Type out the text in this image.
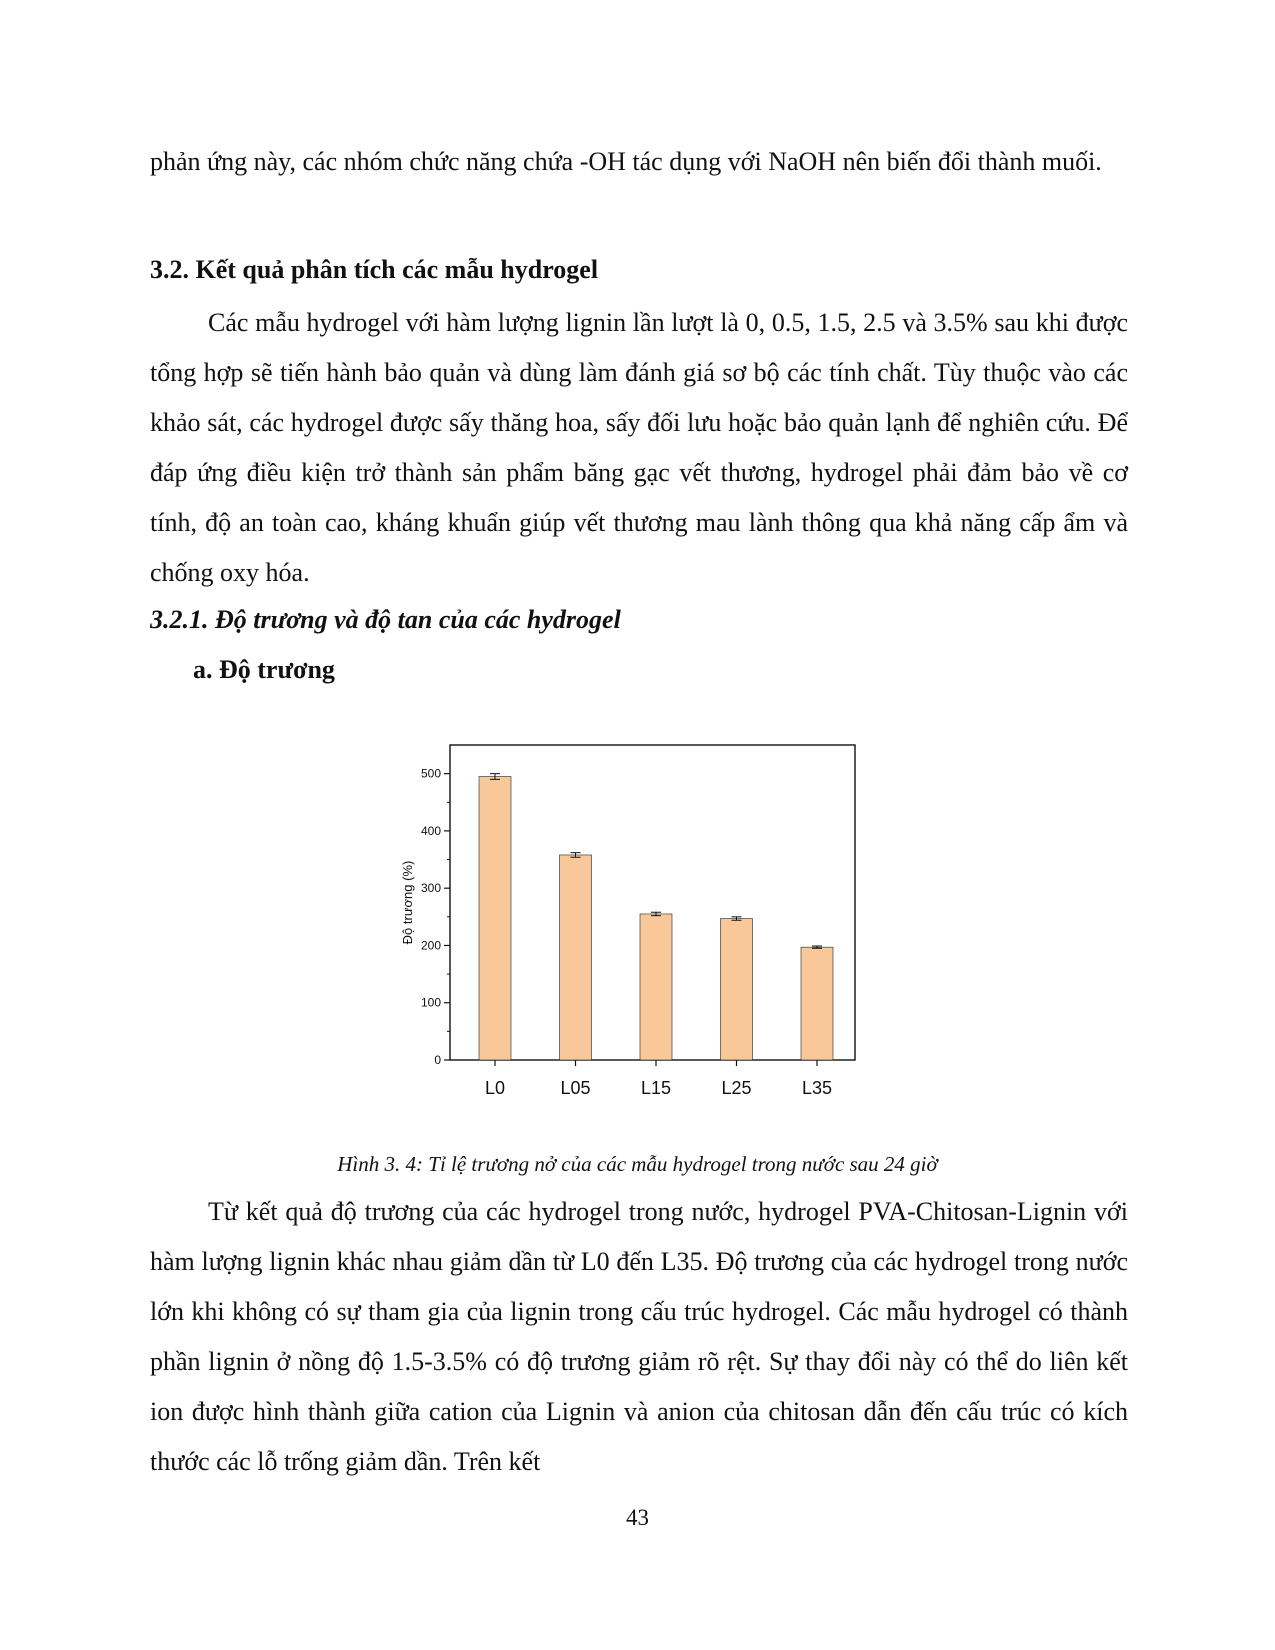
phản ứng này, các nhóm chức năng chứa -OH tác dụng với NaOH nên biến đổi thành muối.

3.2. Kết quả phân tích các mẫu hydrogel

Các mẫu hydrogel với hàm lượng lignin lần lượt là 0, 0.5, 1.5, 2.5 và 3.5% sau khi được tổng hợp sẽ tiến hành bảo quản và dùng làm đánh giá sơ bộ các tính chất. Tùy thuộc vào các khảo sát, các hydrogel được sấy thăng hoa, sấy đối lưu hoặc bảo quản lạnh để nghiên cứu. Để đáp ứng điều kiện trở thành sản phẩm băng gạc vết thương, hydrogel phải đảm bảo về cơ tính, độ an toàn cao, kháng khuẩn giúp vết thương mau lành thông qua khả năng cấp ẩm và chống oxy hóa.

3.2.1. Độ trương và độ tan của các hydrogel
a. Độ trương
0
100
200
300
400
500
Độ trương (%)
L0	L05	L15	L25	L35

Hình 3. 4: Tỉ lệ trương nở của các mẫu hydrogel trong nước sau 24 giờ

Từ kết quả độ trương của các hydrogel trong nước, hydrogel PVA-Chitosan-Lignin với hàm lượng lignin khác nhau giảm dần từ L0 đến L35. Độ trương của các hydrogel trong nước lớn khi không có sự tham gia của lignin trong cấu trúc hydrogel. Các mẫu hydrogel có thành phần lignin ở nồng độ 1.5-3.5% có độ trương giảm rõ rệt. Sự thay đổi này có thể do liên kết ion được hình thành giữa cation của Lignin và anion của chitosan dẫn đến cấu trúc có kích thước các lỗ trống giảm dần. Trên kết

43
